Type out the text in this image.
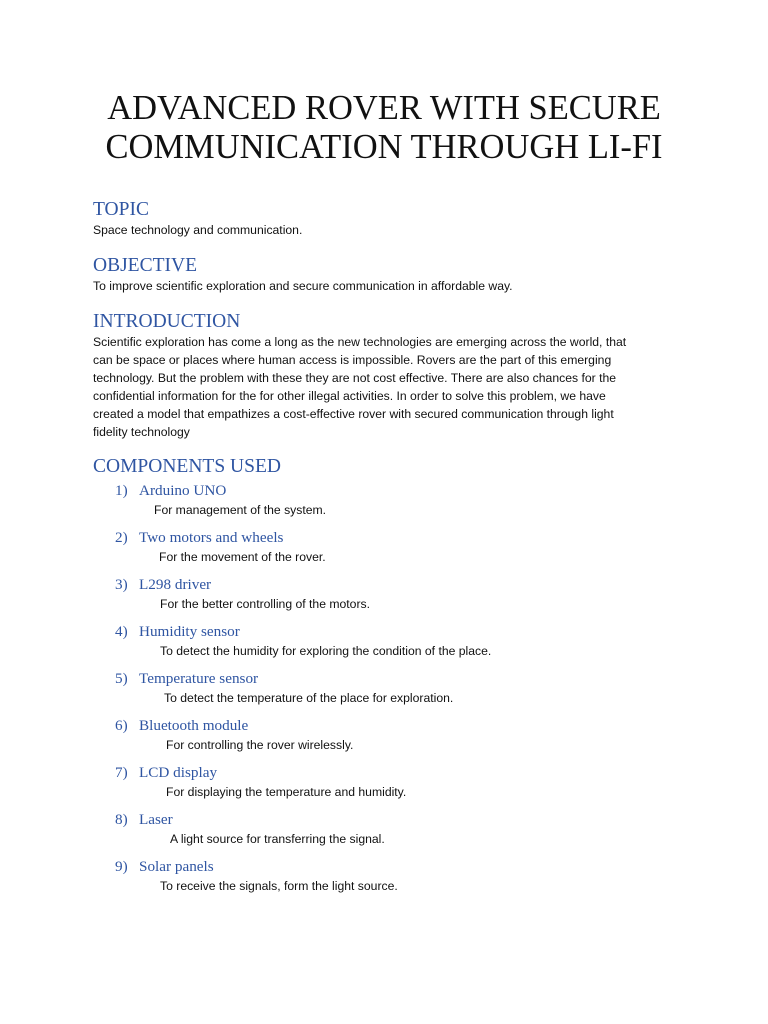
ADVANCED ROVER WITH SECURE
COMMUNICATION THROUGH LI-FI
TOPIC

Space technology and communication.

OBJECTIVE

To improve scientific exploration and secure communication in affordable way.

INTRODUCTION
Scientific exploration has come a long as the new technologies are emerging across the world, that
can be space or places where human access is impossible. Rovers are the part of this emerging
technology. But the problem with these they are not cost effective. There are also chances for the
confidential information for the for other illegal activities. In order to solve this problem, we have
created a model that empathizes a cost-effective rover with secured communication through light
fidelity technology
COMPONENTS USED
1) Arduino UNO
For management of the system.
2) Two motors and wheels
For the movement of the rover.
3) L298 driver
For the better controlling of the motors.
4) Humidity sensor
To detect the humidity for exploring the condition of the place.
5) Temperature sensor
To detect the temperature of the place for exploration.
6) Bluetooth module
For controlling the rover wirelessly.
7) LCD display
For displaying the temperature and humidity.
8) Laser
A light source for transferring the signal.
9) Solar panels
To receive the signals, form the light source.
